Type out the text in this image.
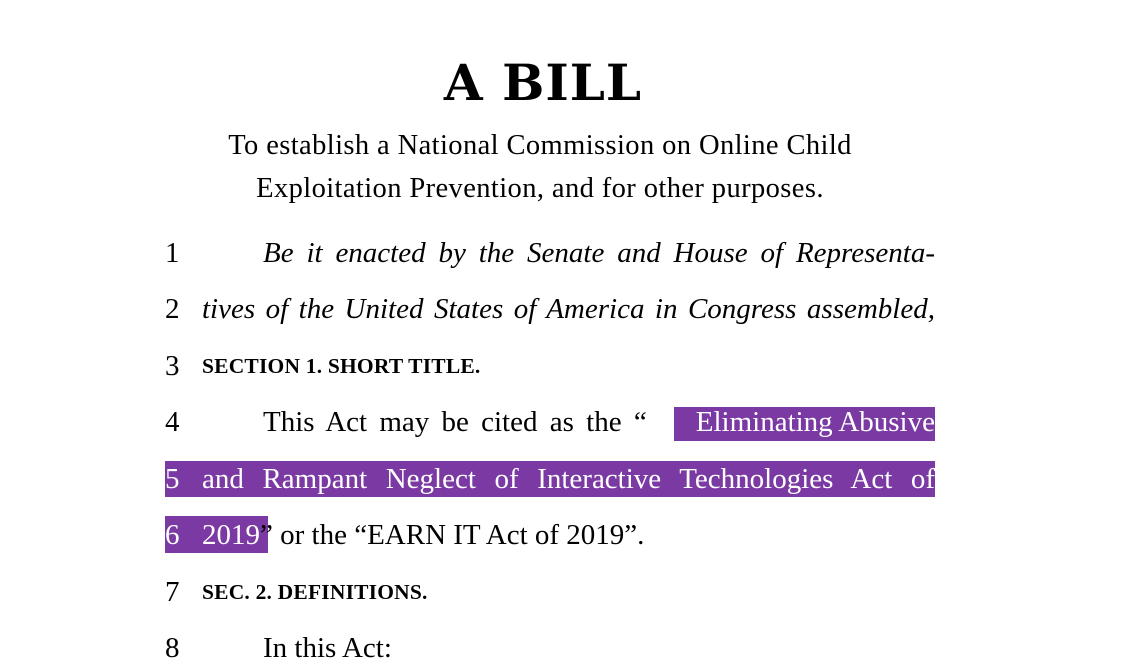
A BILL
To establish a National Commission on Online Child
Exploitation Prevention, and for other purposes.
1	Be it enacted by the Senate and House of Representa-
2 tives of the United States of America in Congress assembled,
3 SECTION 1. SHORT TITLE.
4	This Act may be cited as the “ Eliminating Abusive
5 and Rampant Neglect of Interactive Technologies Act of
6 2019” or the “EARN IT Act of 2019”.
7 SEC. 2. DEFINITIONS.
8	In this Act:
